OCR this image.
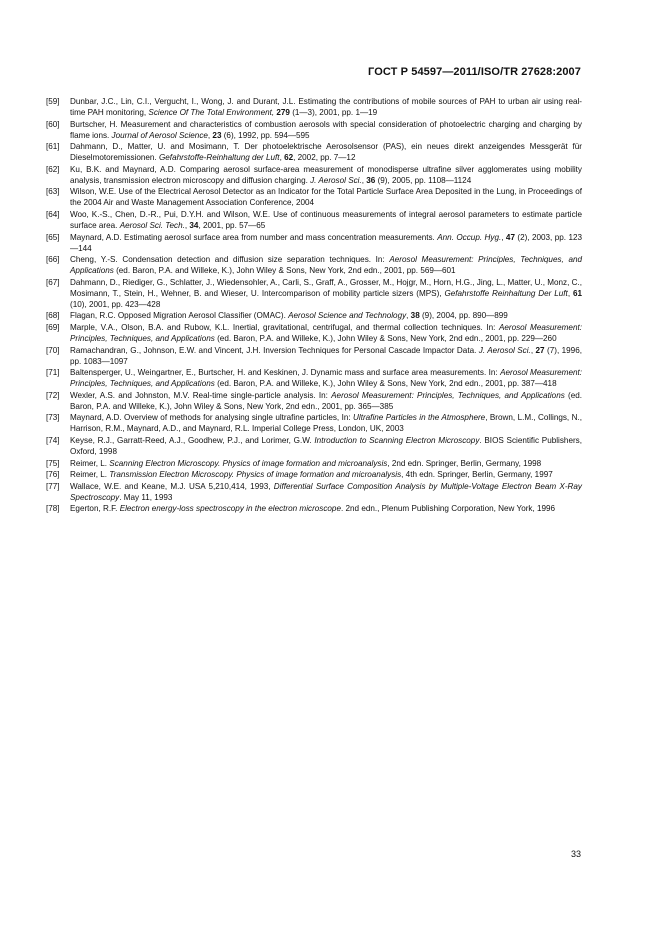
ГОСТ Р 54597—2011/ISO/TR 27628:2007
[59]	Dunbar, J.C., Lin, C.I., Vergucht, I., Wong, J. and Durant, J.L. Estimating the contributions of mobile sources of PAH to urban air using real-time PAH monitoring, Science Of The Total Environment, 279 (1—3), 2001, pp. 1—19
[60]	Burtscher, H. Measurement and characteristics of combustion aerosols with special consideration of photoelectric charging and charging by flame ions. Journal of Aerosol Science, 23 (6), 1992, pp. 594—595
[61]	Dahmann, D., Matter, U. and Mosimann, T. Der photoelektrische Aerosolsensor (PAS), ein neues direkt anzeigendes Messgerät für Dieselmotoremissionen. Gefahrstoffe-Reinhaltung der Luft, 62, 2002, pp. 7—12
[62]	Ku, B.K. and Maynard, A.D. Comparing aerosol surface-area measurement of monodisperse ultrafine silver agglomerates using mobility analysis, transmission electron microscopy and diffusion charging. J. Aerosol Sci., 36 (9), 2005, pp. 1108—1124
[63]	Wilson, W.E. Use of the Electrical Aerosol Detector as an Indicator for the Total Particle Surface Area Deposited in the Lung, in Proceedings of the 2004 Air and Waste Management Association Conference, 2004
[64]	Woo, K.-S., Chen, D.-R., Pui, D.Y.H. and Wilson, W.E. Use of continuous measurements of integral aerosol parameters to estimate particle surface area. Aerosol Sci. Tech., 34, 2001, pp. 57—65
[65]	Maynard, A.D. Estimating aerosol surface area from number and mass concentration measurements. Ann. Occup. Hyg., 47 (2), 2003, pp. 123—144
[66]	Cheng, Y.-S. Condensation detection and diffusion size separation techniques. In: Aerosol Measurement: Principles, Techniques, and Applications (ed. Baron, P.A. and Willeke, K.), John Wiley & Sons, New York, 2nd edn., 2001, pp. 569—601
[67]	Dahmann, D., Riediger, G., Schlatter, J., Wiedensohler, A., Carli, S., Graff, A., Grosser, M., Hojgr, M., Horn, H.G., Jing, L., Matter, U., Monz, C., Mosimann, T., Stein, H., Wehner, B. and Wieser, U. Intercomparison of mobility particle sizers (MPS), Gefahrstoffe Reinhaltung Der Luft, 61 (10), 2001, pp. 423—428
[68]	Flagan, R.C. Opposed Migration Aerosol Classifier (OMAC). Aerosol Science and Technology, 38 (9), 2004, pp. 890—899
[69]	Marple, V.A., Olson, B.A. and Rubow, K.L. Inertial, gravitational, centrifugal, and thermal collection techniques. In: Aerosol Measurement: Principles, Techniques, and Applications (ed. Baron, P.A. and Willeke, K.), John Wiley & Sons, New York, 2nd edn., 2001, pp. 229—260
[70]	Ramachandran, G., Johnson, E.W. and Vincent, J.H. Inversion Techniques for Personal Cascade Impactor Data. J. Aerosol Sci., 27 (7), 1996, pp. 1083—1097
[71]	Baltensperger, U., Weingartner, E., Burtscher, H. and Keskinen, J. Dynamic mass and surface area measurements. In: Aerosol Measurement: Principles, Techniques, and Applications (ed. Baron, P.A. and Willeke, K.), John Wiley & Sons, New York, 2nd edn., 2001, pp. 387—418
[72]	Wexler, A.S. and Johnston, M.V. Real-time single-particle analysis. In: Aerosol Measurement: Principles, Techniques, and Applications (ed. Baron, P.A. and Willeke, K.), John Wiley & Sons, New York, 2nd edn., 2001, pp. 365—385
[73]	Maynard, A.D. Overview of methods for analysing single ultrafine particles, In: Ultrafine Particles in the Atmosphere, Brown, L.M., Collings, N., Harrison, R.M., Maynard, A.D., and Maynard, R.L. Imperial College Press, London, UK, 2003
[74]	Keyse, R.J., Garratt-Reed, A.J., Goodhew, P.J., and Lorimer, G.W. Introduction to Scanning Electron Microscopy. BIOS Scientific Publishers, Oxford, 1998
[75]	Reimer, L. Scanning Electron Microscopy. Physics of image formation and microanalysis, 2nd edn. Springer, Berlin, Germany, 1998
[76]	Reimer, L. Transmission Electron Microscopy. Physics of image formation and microanalysis, 4th edn. Springer, Berlin, Germany, 1997
[77]	Wallace, W.E. and Keane, M.J. USA 5,210,414, 1993, Differential Surface Composition Analysis by Multiple-Voltage Electron Beam X-Ray Spectroscopy. May 11, 1993
[78]	Egerton, R.F. Electron energy-loss spectroscopy in the electron microscope. 2nd edn., Plenum Publishing Corporation, New York, 1996
33
